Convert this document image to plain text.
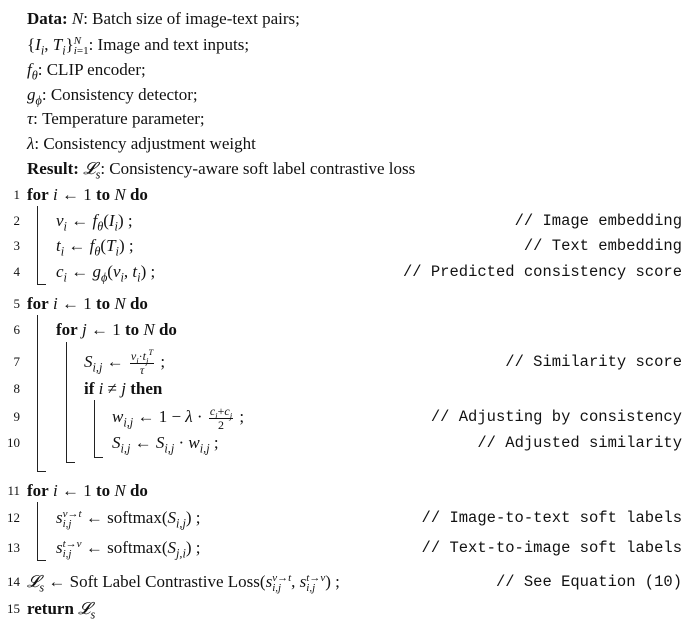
Data: N: Batch size of image-text pairs;
{$I_i$, $T_i$} N
i=1 : Image and text inputs;
$f_\theta$: CLIP encoder;
$g_\phi$: Consistency detector;
τ: Temperature parameter;
λ: Consistency adjustment weight
Result: 𝓛$_s$: Consistency-aware soft label contrastive loss
1 for i ← 1 to N do
2 $v_i$ ← $f_\theta(I_i)$ ;	// Image embedding
3 $t_i$ ← $f_\theta(T_i)$ ;	// Text embedding
4 $c_i$ ← $g_\phi(v_i$, $t_i$) ;	// Predicted consistency score
5 for i ← 1 to N do
6 for j ← 1 to N do
7	$S_{i,j}$ ← $\frac{v_i\cdot t_j^T}{\tau}$ ;	// Similarity score
8	if i ≠ j then
9	$w_{i,j}$ ← $1 - \lambda \cdot \frac{c_i+c_j}{2}$ ;	// Adjusting by consistency
10	$S_{i,j}$ ← $S_{i,j} \cdot w_{i,j}$ ;	// Adjusted similarity
11 for i ← 1 to N do
12 s v→t
i,j ← $softmax(S_{i,j})$ ;	// Image-to-text soft labels
13 s t→v
i,j ← $softmax(S_{j,i})$ ;	// Text-to-image soft labels
14 𝓛$_s$ ← Soft Label Contrastive Loss(s v→t
i,j , s t→v
i,j ) ;	// See Equation (10)
15 return 𝓛$_s$
